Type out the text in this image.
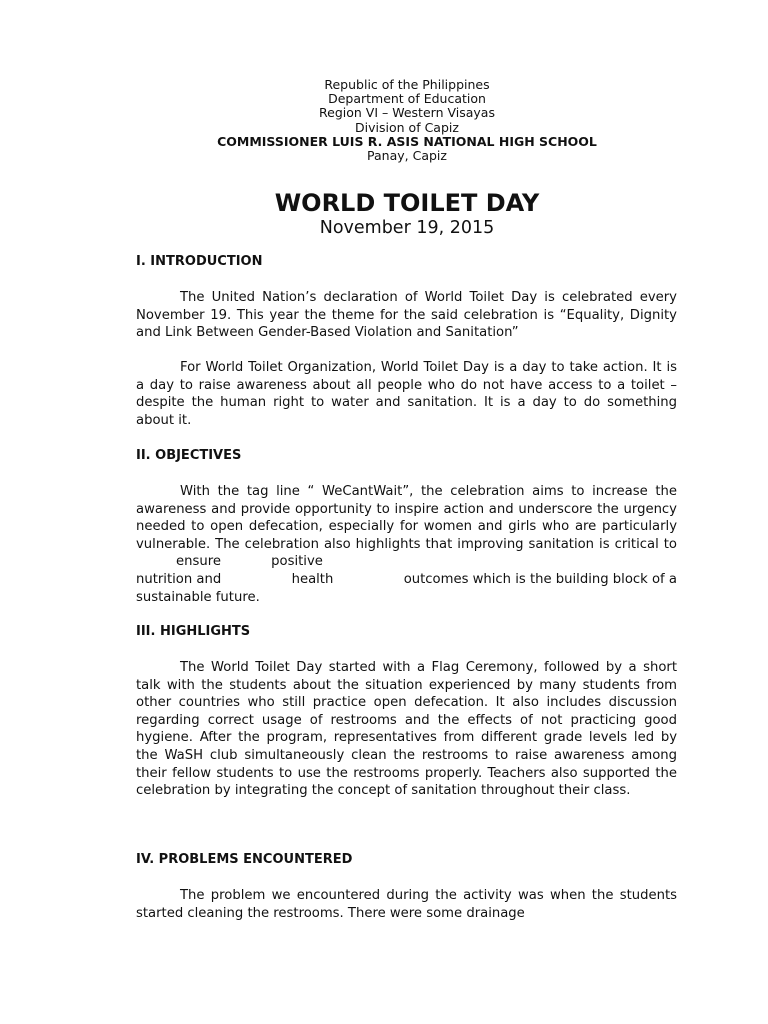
Republic of the Philippines
Department of Education
Region VI – Western Visayas
Division of Capiz
COMMISSIONER LUIS R. ASIS NATIONAL HIGH SCHOOL
Panay, Capiz
WORLD TOILET DAY
November 19, 2015
I. INTRODUCTION
The United Nation’s declaration of World Toilet Day is celebrated every November 19. This year the theme for the said celebration is “Equality, Dignity and Link Between Gender-Based Violation and Sanitation”
For World Toilet Organization, World Toilet Day is a day to take action. It is a day to raise awareness about all people who do not have access to a toilet – despite the human right to water and sanitation. It is a day to do something about it.
II. OBJECTIVES
With the tag line “ WeCantWait”, the celebration aims to increase the awareness and provide opportunity to inspire action and underscore the urgency needed to open defecation, especially for women and girls who are particularly vulnerable. The celebration also highlights that improving sanitation is critical to ensure	positive
nutrition and	health	outcomes which is the building block of a
sustainable future.
III. HIGHLIGHTS
The World Toilet Day started with a Flag Ceremony, followed by a short talk with the students about the situation experienced by many students from other countries who still practice open defecation. It also includes discussion regarding correct usage of restrooms and the effects of not practicing good hygiene. After the program, representatives from different grade levels led by the WaSH club simultaneously clean the restrooms to raise awareness among their fellow students to use the restrooms properly. Teachers also supported the celebration by integrating the concept of sanitation throughout their class.
IV. PROBLEMS ENCOUNTERED
The problem we encountered during the activity was when the students started cleaning the restrooms. There were some drainage
